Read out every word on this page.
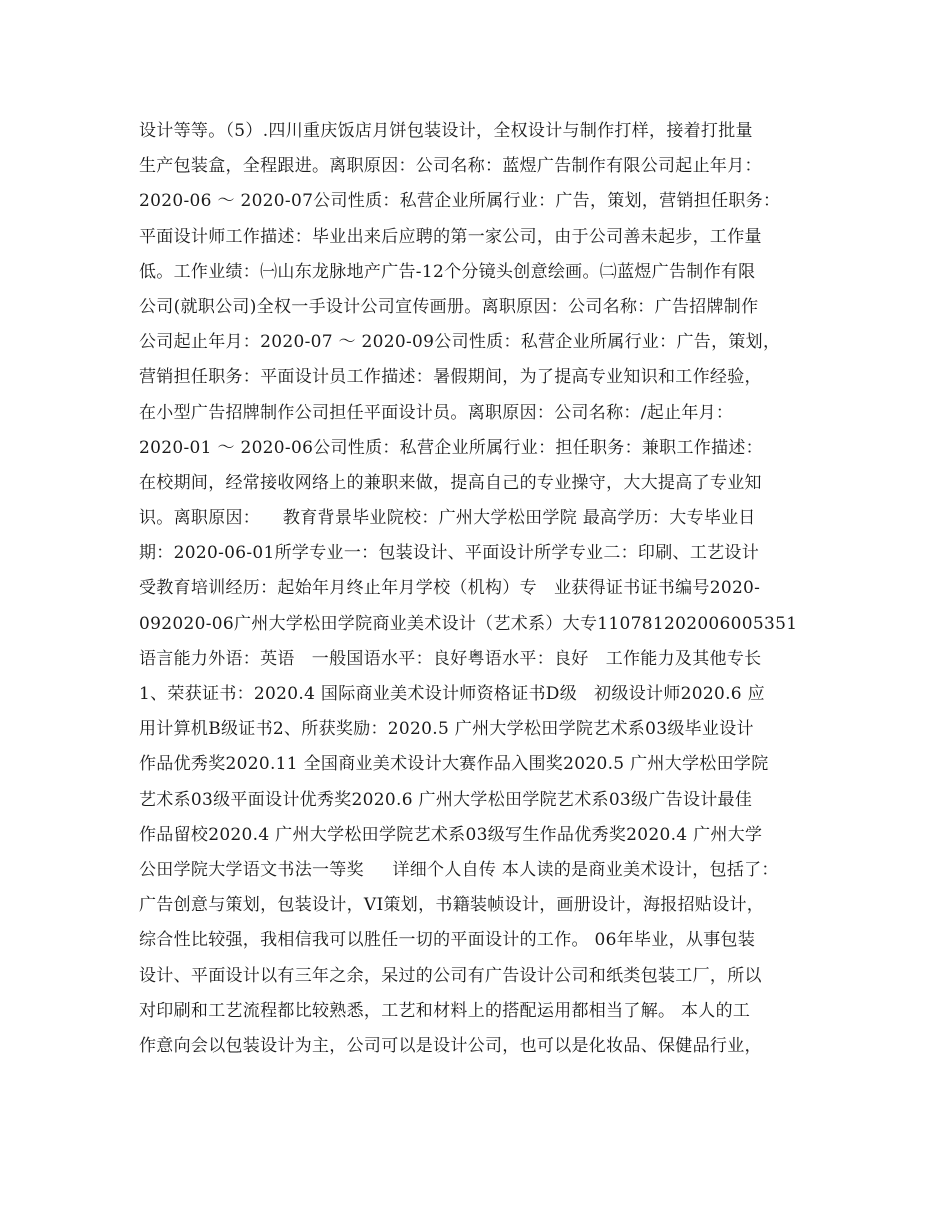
设计等等。（5）.四川重庆饭店月饼包装设计，全权设计与制作打样，接着打批量
生产包装盒，全程跟进。离职原因：公司名称：蓝煜广告制作有限公司起止年月：
2020-06 ～ 2020-07公司性质：私营企业所属行业：广告，策划，营销担任职务：
平面设计师工作描述：毕业出来后应聘的第一家公司，由于公司善未起步，工作量
低。工作业绩：㈠山东龙脉地产广告-12个分镜头创意绘画。㈡蓝煜广告制作有限
公司(就职公司)全权一手设计公司宣传画册。离职原因：公司名称：广告招牌制作
公司起止年月：2020-07 ～ 2020-09公司性质：私营企业所属行业：广告，策划，
营销担任职务：平面设计员工作描述：暑假期间，为了提高专业知识和工作经验，
在小型广告招牌制作公司担任平面设计员。离职原因：公司名称：/起止年月：
2020-01 ～ 2020-06公司性质：私营企业所属行业：担任职务：兼职工作描述：
在校期间，经常接收网络上的兼职来做，提高自己的专业操守，大大提高了专业知
识。离职原因：    教育背景毕业院校：广州大学松田学院 最高学历：大专毕业日
期：2020-06-01所学专业一：包装设计、平面设计所学专业二：印刷、工艺设计
受教育培训经历：起始年月终止年月学校（机构）专   业获得证书证书编号2020-
092020-06广州大学松田学院商业美术设计（艺术系）大专110781202006005351
语言能力外语：英语   一般国语水平：良好粤语水平：良好   工作能力及其他专长
1、荣获证书：2020.4 国际商业美术设计师资格证书D级   初级设计师2020.6 应
用计算机B级证书2、所获奖励：2020.5 广州大学松田学院艺术系03级毕业设计
作品优秀奖2020.11 全国商业美术设计大赛作品入围奖2020.5 广州大学松田学院
艺术系03级平面设计优秀奖2020.6 广州大学松田学院艺术系03级广告设计最佳
作品留校2020.4 广州大学松田学院艺术系03级写生作品优秀奖2020.4 广州大学
公田学院大学语文书法一等奖     详细个人自传 本人读的是商业美术设计，包括了：
广告创意与策划，包装设计，VI策划，书籍装帧设计，画册设计，海报招贴设计，
综合性比较强，我相信我可以胜任一切的平面设计的工作。 06年毕业，从事包装
设计、平面设计以有三年之余，呆过的公司有广告设计公司和纸类包装工厂，所以
对印刷和工艺流程都比较熟悉，工艺和材料上的搭配运用都相当了解。 本人的工
作意向会以包装设计为主，公司可以是设计公司，也可以是化妆品、保健品行业，
